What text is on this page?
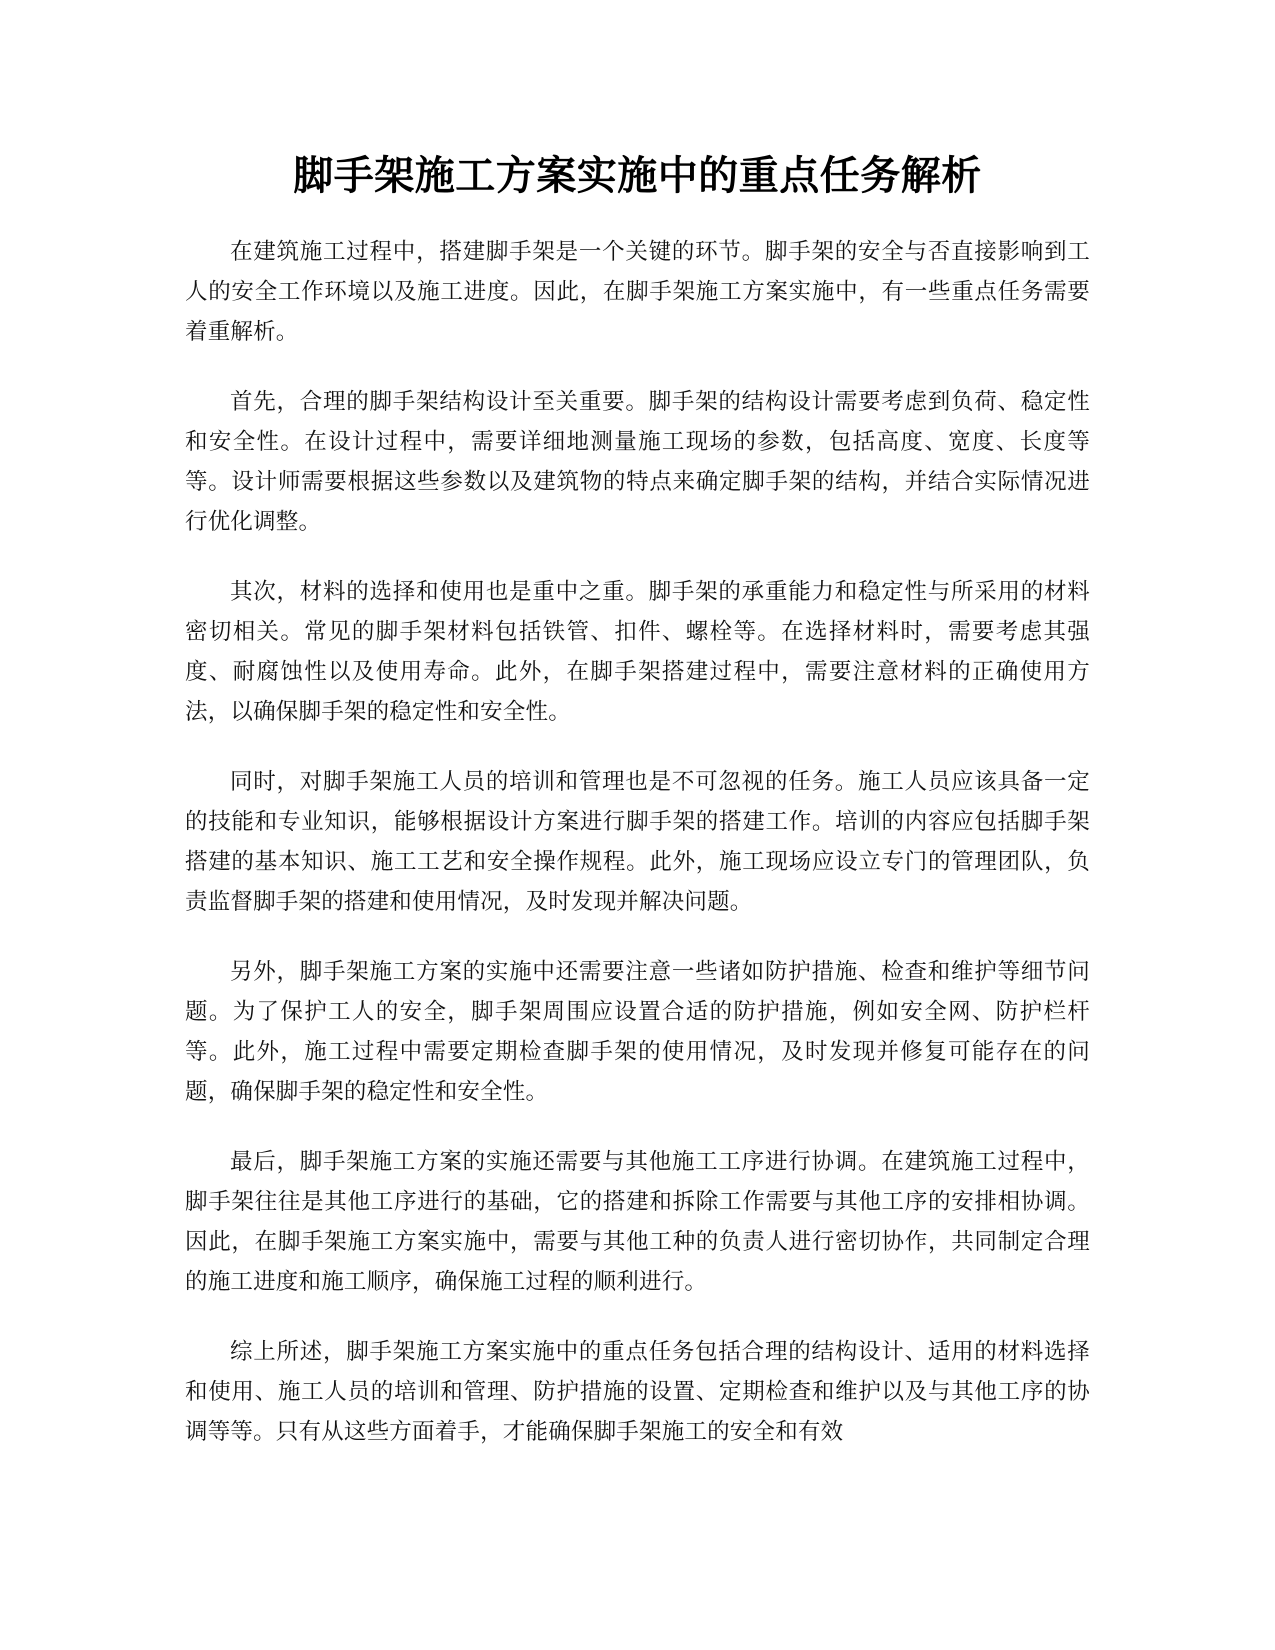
脚手架施工方案实施中的重点任务解析

在建筑施工过程中，搭建脚手架是一个关键的环节。脚手架的安全与否直接影响到工人的安全工作环境以及施工进度。因此，在脚手架施工方案实施中，有一些重点任务需要着重解析。

首先，合理的脚手架结构设计至关重要。脚手架的结构设计需要考虑到负荷、稳定性和安全性。在设计过程中，需要详细地测量施工现场的参数，包括高度、宽度、长度等等。设计师需要根据这些参数以及建筑物的特点来确定脚手架的结构，并结合实际情况进行优化调整。

其次，材料的选择和使用也是重中之重。脚手架的承重能力和稳定性与所采用的材料密切相关。常见的脚手架材料包括铁管、扣件、螺栓等。在选择材料时，需要考虑其强度、耐腐蚀性以及使用寿命。此外，在脚手架搭建过程中，需要注意材料的正确使用方法，以确保脚手架的稳定性和安全性。

同时，对脚手架施工人员的培训和管理也是不可忽视的任务。施工人员应该具备一定的技能和专业知识，能够根据设计方案进行脚手架的搭建工作。培训的内容应包括脚手架搭建的基本知识、施工工艺和安全操作规程。此外，施工现场应设立专门的管理团队，负责监督脚手架的搭建和使用情况，及时发现并解决问题。

另外，脚手架施工方案的实施中还需要注意一些诸如防护措施、检查和维护等细节问题。为了保护工人的安全，脚手架周围应设置合适的防护措施，例如安全网、防护栏杆等。此外，施工过程中需要定期检查脚手架的使用情况，及时发现并修复可能存在的问题，确保脚手架的稳定性和安全性。

最后，脚手架施工方案的实施还需要与其他施工工序进行协调。在建筑施工过程中，脚手架往往是其他工序进行的基础，它的搭建和拆除工作需要与其他工序的安排相协调。因此，在脚手架施工方案实施中，需要与其他工种的负责人进行密切协作，共同制定合理的施工进度和施工顺序，确保施工过程的顺利进行。

综上所述，脚手架施工方案实施中的重点任务包括合理的结构设计、适用的材料选择和使用、施工人员的培训和管理、防护措施的设置、定期检查和维护以及与其他工序的协调等等。只有从这些方面着手，才能确保脚手架施工的安全和有效
